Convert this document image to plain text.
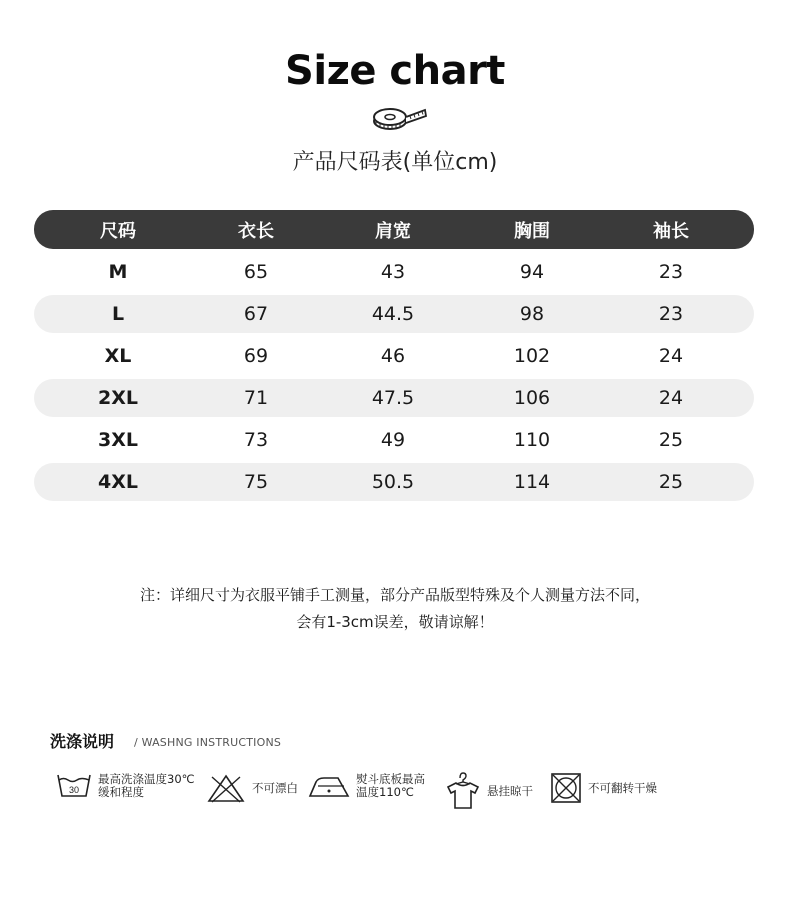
Size chart
产品尺码表(单位cm)
尺码	衣长	肩宽	胸围	袖长
M	65	43	94	23
L	67	44.5	98	23
XL	69	46	102	24
2XL	71	47.5	106	24
3XL	73	49	110	25
4XL	75	50.5	114	25
注：详细尺寸为衣服平铺手工测量，部分产品版型特殊及个人测量方法不同，
会有1-3cm误差，敬请谅解！
洗涤说明 / WASHNG INSTRUCTIONS
30
最高洗涤温度30℃
缓和程度	不可漂白
熨斗底板最高
温度110℃	悬挂晾干	不可翻转干燥
